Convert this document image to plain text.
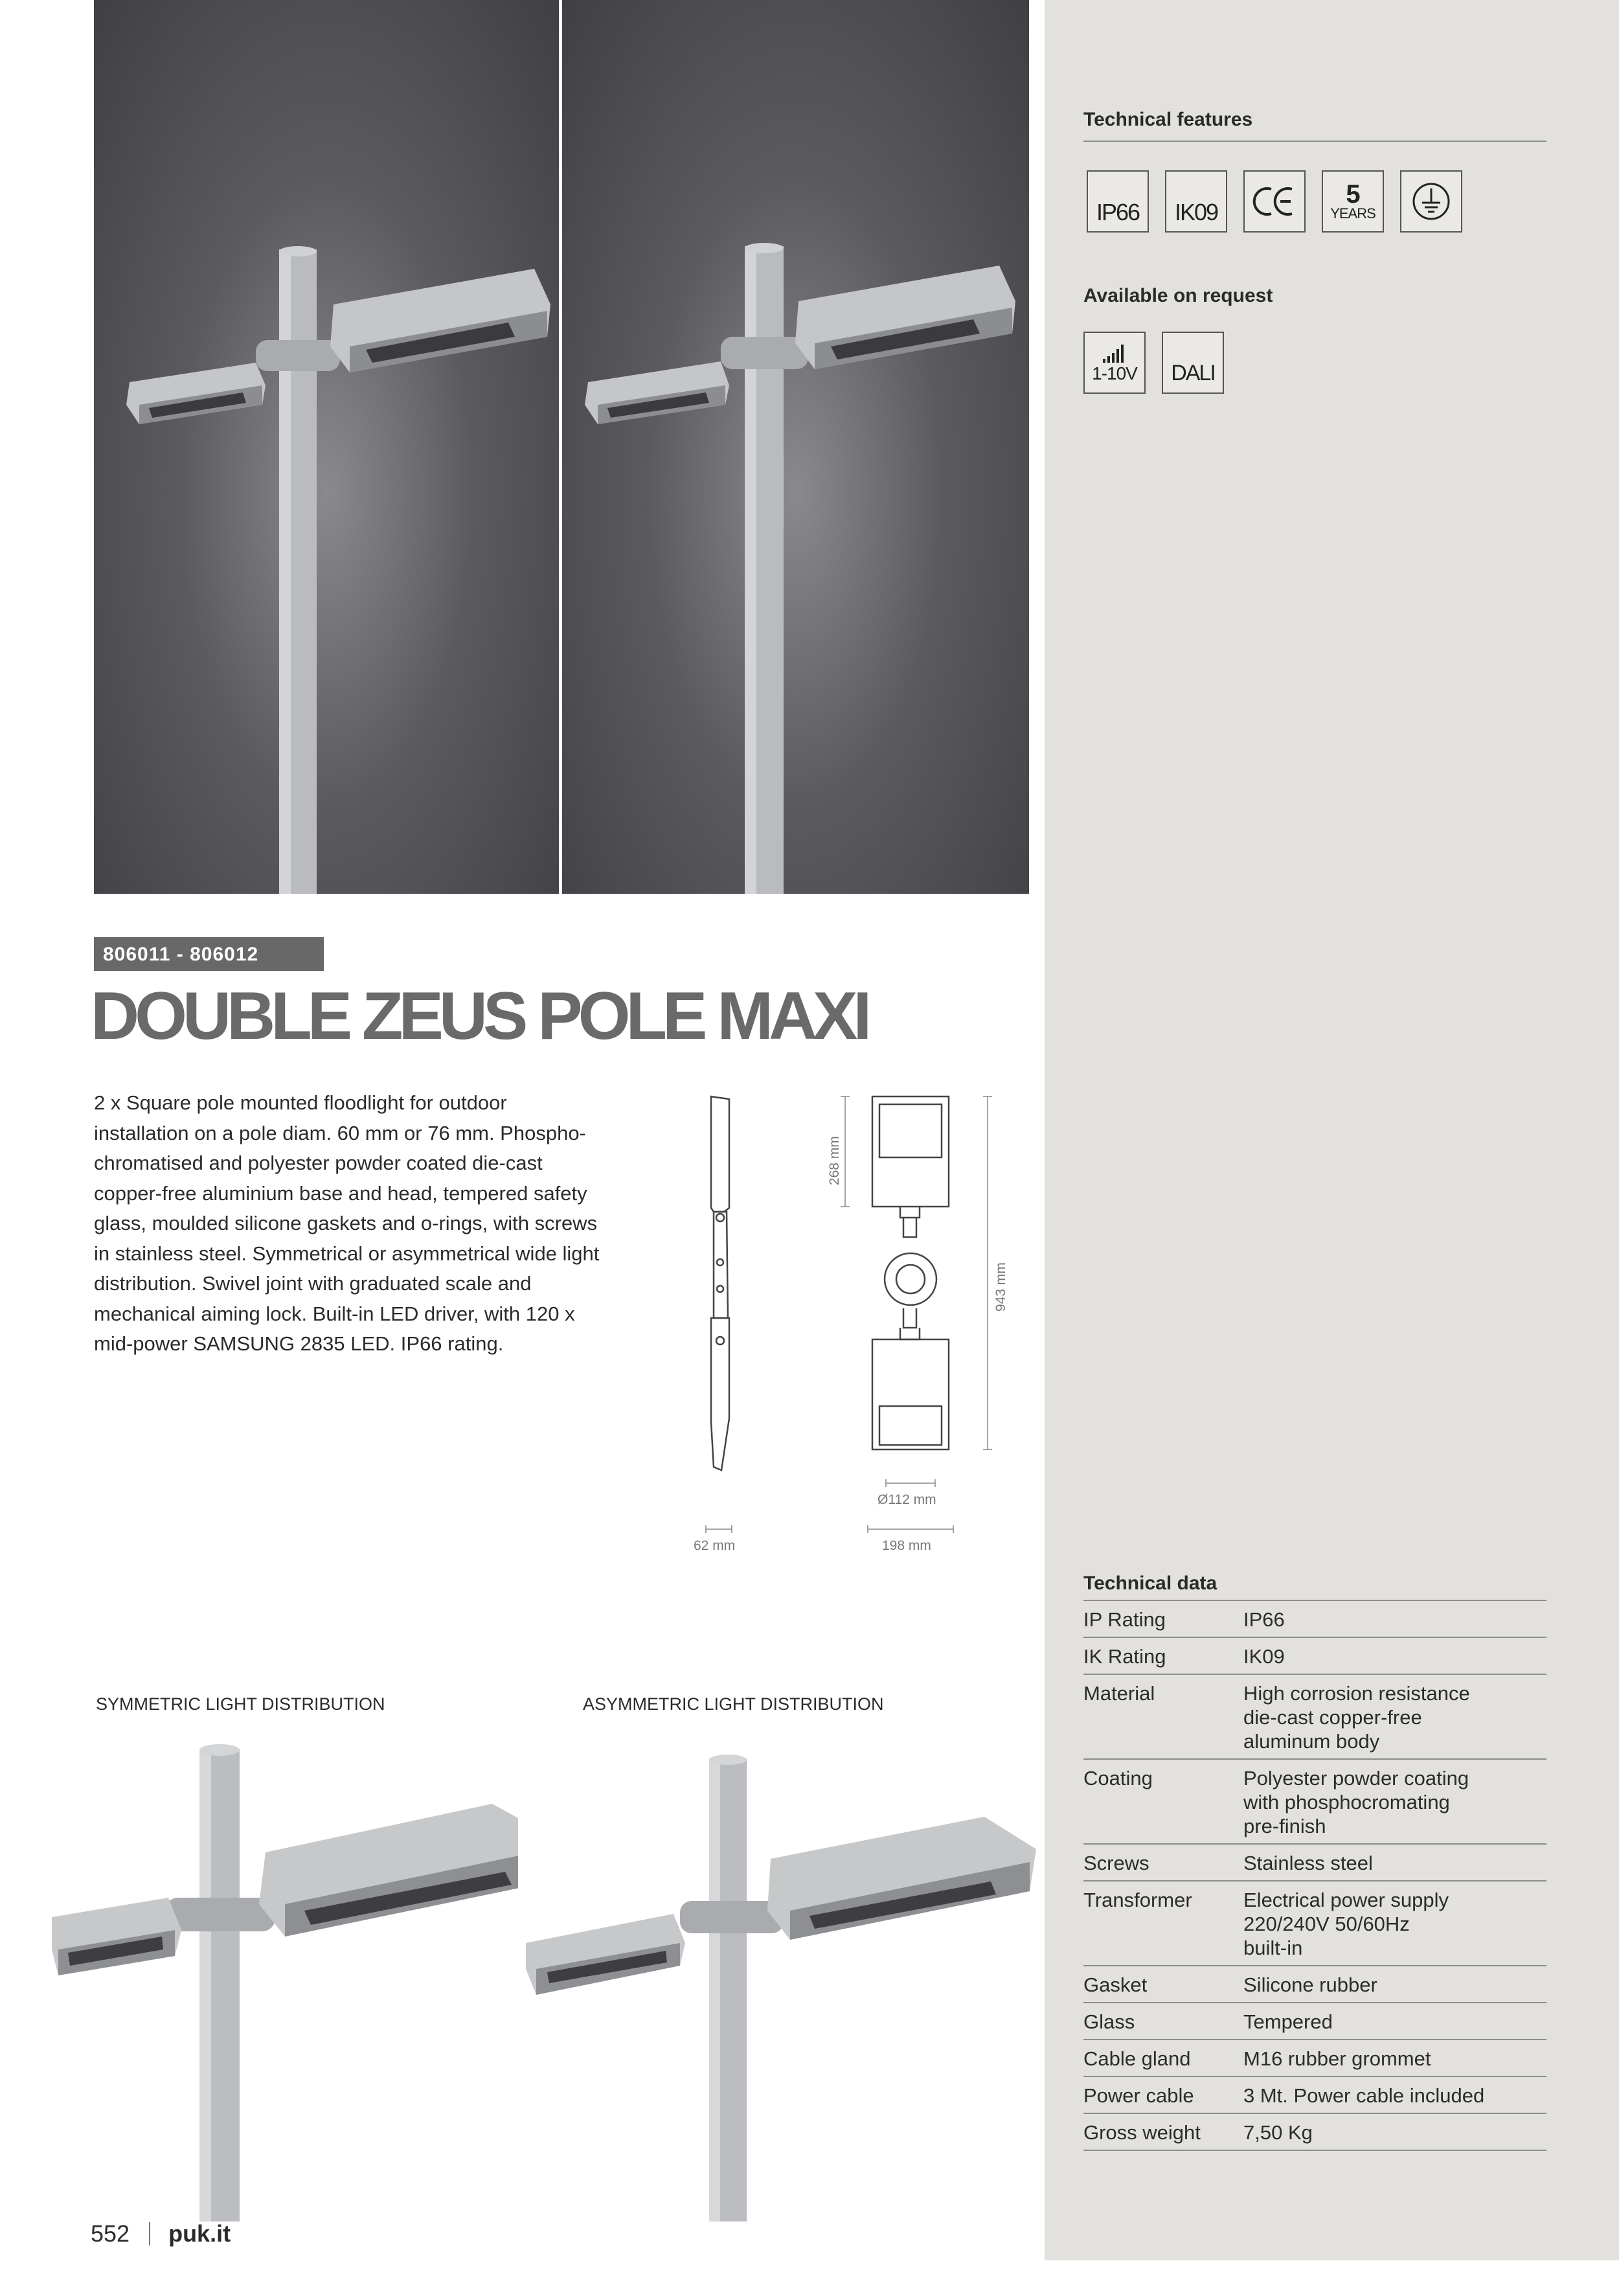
Technical features
IP66 IK09
5
YEARS
Available on request
1-10V DALI
806011 - 806012
DOUBLE ZEUS POLE MAXI
2 x Square pole mounted floodlight for outdoor installation on a pole diam. 60 mm or 76 mm. Phospho-chromatised and polyester powder coated die-cast copper-free aluminium base and head, tempered safety glass, moulded silicone gaskets and o-rings, with screws in stainless steel. Symmetrical or asymmetrical wide light distribution. Swivel joint with graduated scale and mechanical aiming lock. Built-in LED driver, with 120 x mid-power SAMSUNG 2835 LED. IP66 rating.
268 mm
943 mm
Ø112 mm
62 mm	198 mm
SYMMETRIC LIGHT DISTRIBUTION	ASYMMETRIC LIGHT DISTRIBUTION
Technical data
IP Rating	IP66
IK Rating	IK09
Material	High corrosion resistance
die-cast copper-free
aluminum body
Coating	Polyester powder coating
with phosphocromating
pre-finish
Screws	Stainless steel
Transformer	Electrical power supply
220/240V 50/60Hz
built-in
Gasket	Silicone rubber
Glass	Tempered
Cable gland	M16 rubber grommet
Power cable	3 Mt. Power cable included
Gross weight	7,50 Kg
552 puk.it
